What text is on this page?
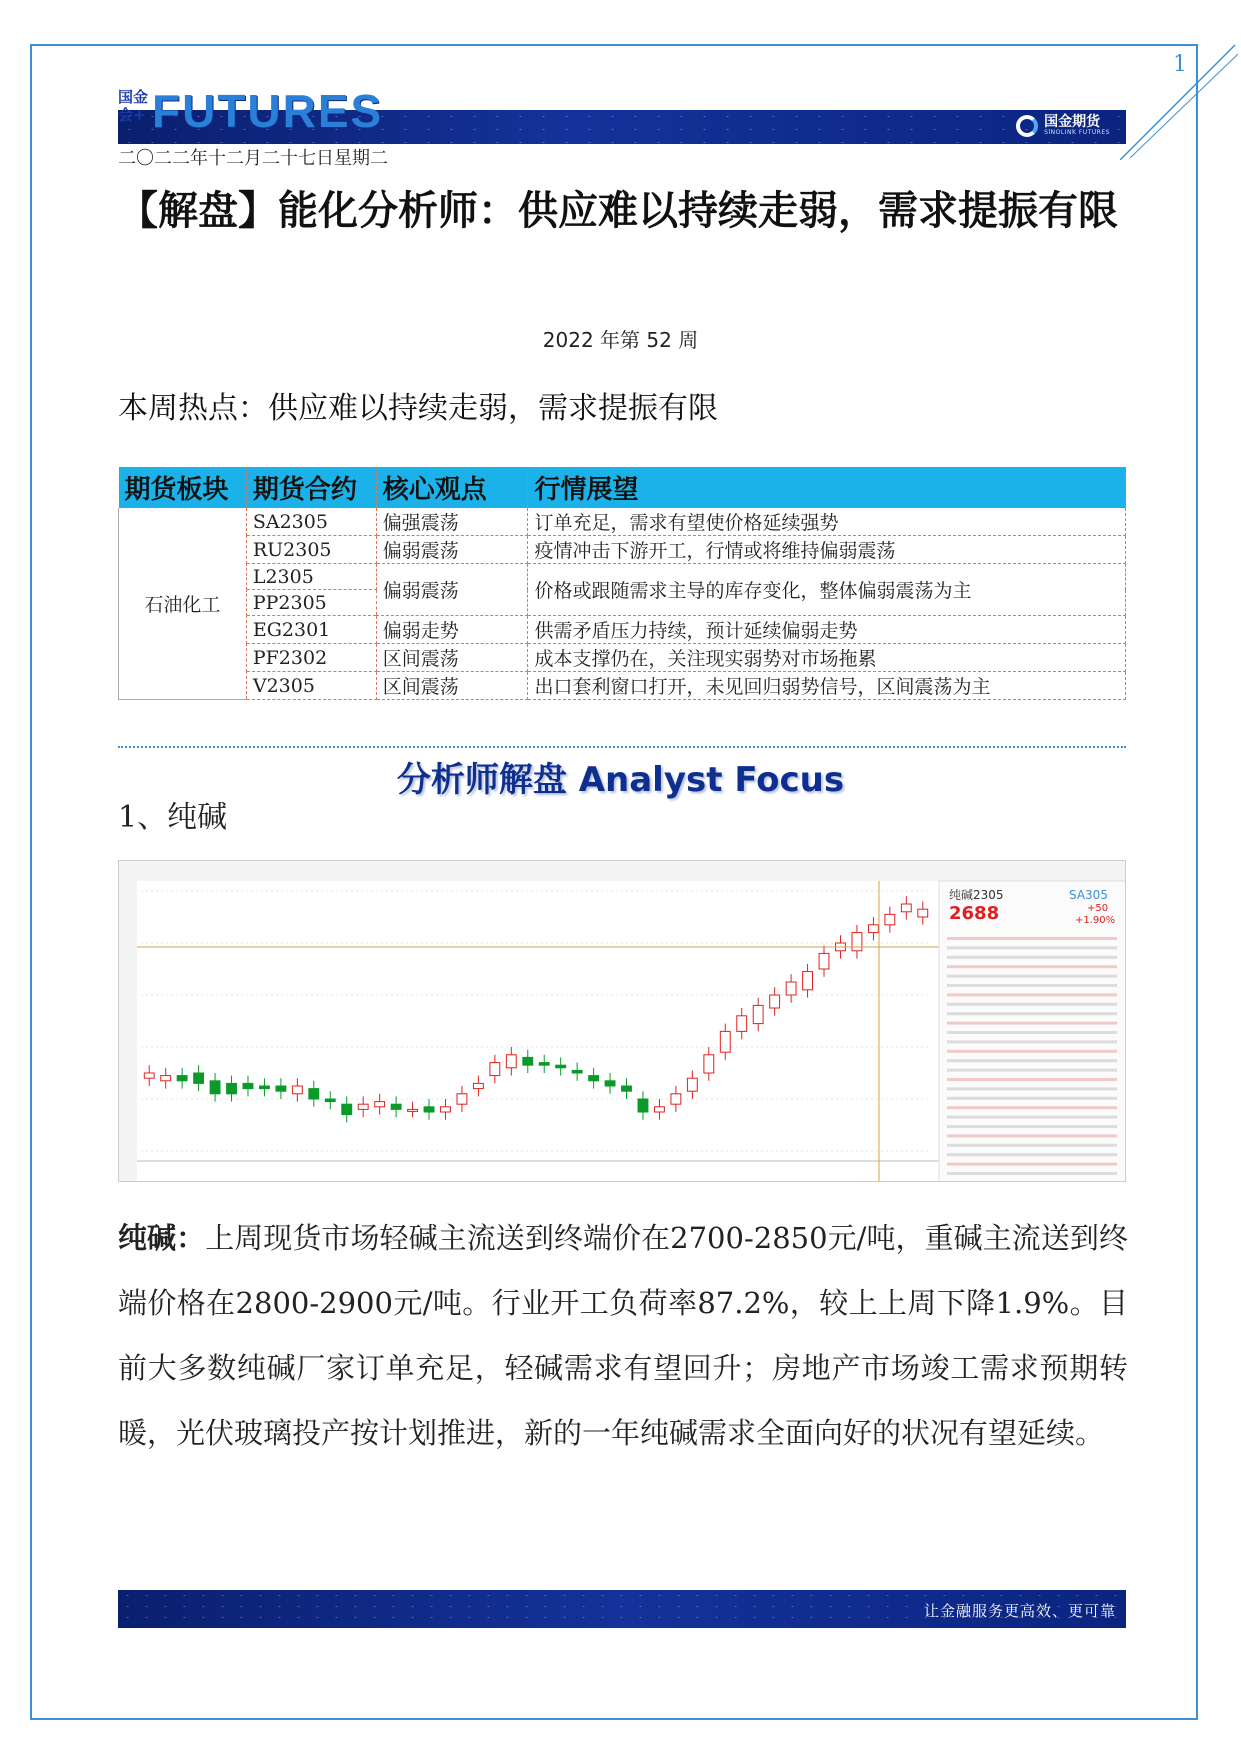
1
国金会+ FUTURES	国金期货
SINOLINK FUTURES
二〇二二年十二月二十七日星期二
【解盘】能化分析师：供应难以持续走弱，需求提振有限
2022 年第 52 周
本周热点：供应难以持续走弱，需求提振有限
期货板块	期货合约	核心观点	行情展望
石油化工	SA2305	偏强震荡	订单充足，需求有望使价格延续强势
	RU2305	偏弱震荡	疫情冲击下游开工，行情或将维持偏弱震荡
	L2305	偏弱震荡	价格或跟随需求主导的库存变化，整体偏弱震荡为主
	PP2305		
	EG2301	偏弱走势	供需矛盾压力持续，预计延续偏弱走势
	PF2302	区间震荡	成本支撑仍在，关注现实弱势对市场拖累
	V2305	区间震荡	出口套利窗口打开，未见回归弱势信号，区间震荡为主
分析师解盘 Analyst Focus
1、纯碱
纯碱2305	SA305
2688	+50
+1.90%
纯碱：上周现货市场轻碱主流送到终端价在2700-2850元/吨，重碱主流送到终端价格在2800-2900元/吨。行业开工负荷率87.2%，较上上周下降1.9%。目前大多数纯碱厂家订单充足，轻碱需求有望回升；房地产市场竣工需求预期转暖，光伏玻璃投产按计划推进，新的一年纯碱需求全面向好的状况有望延续。
让金融服务更高效、更可靠
